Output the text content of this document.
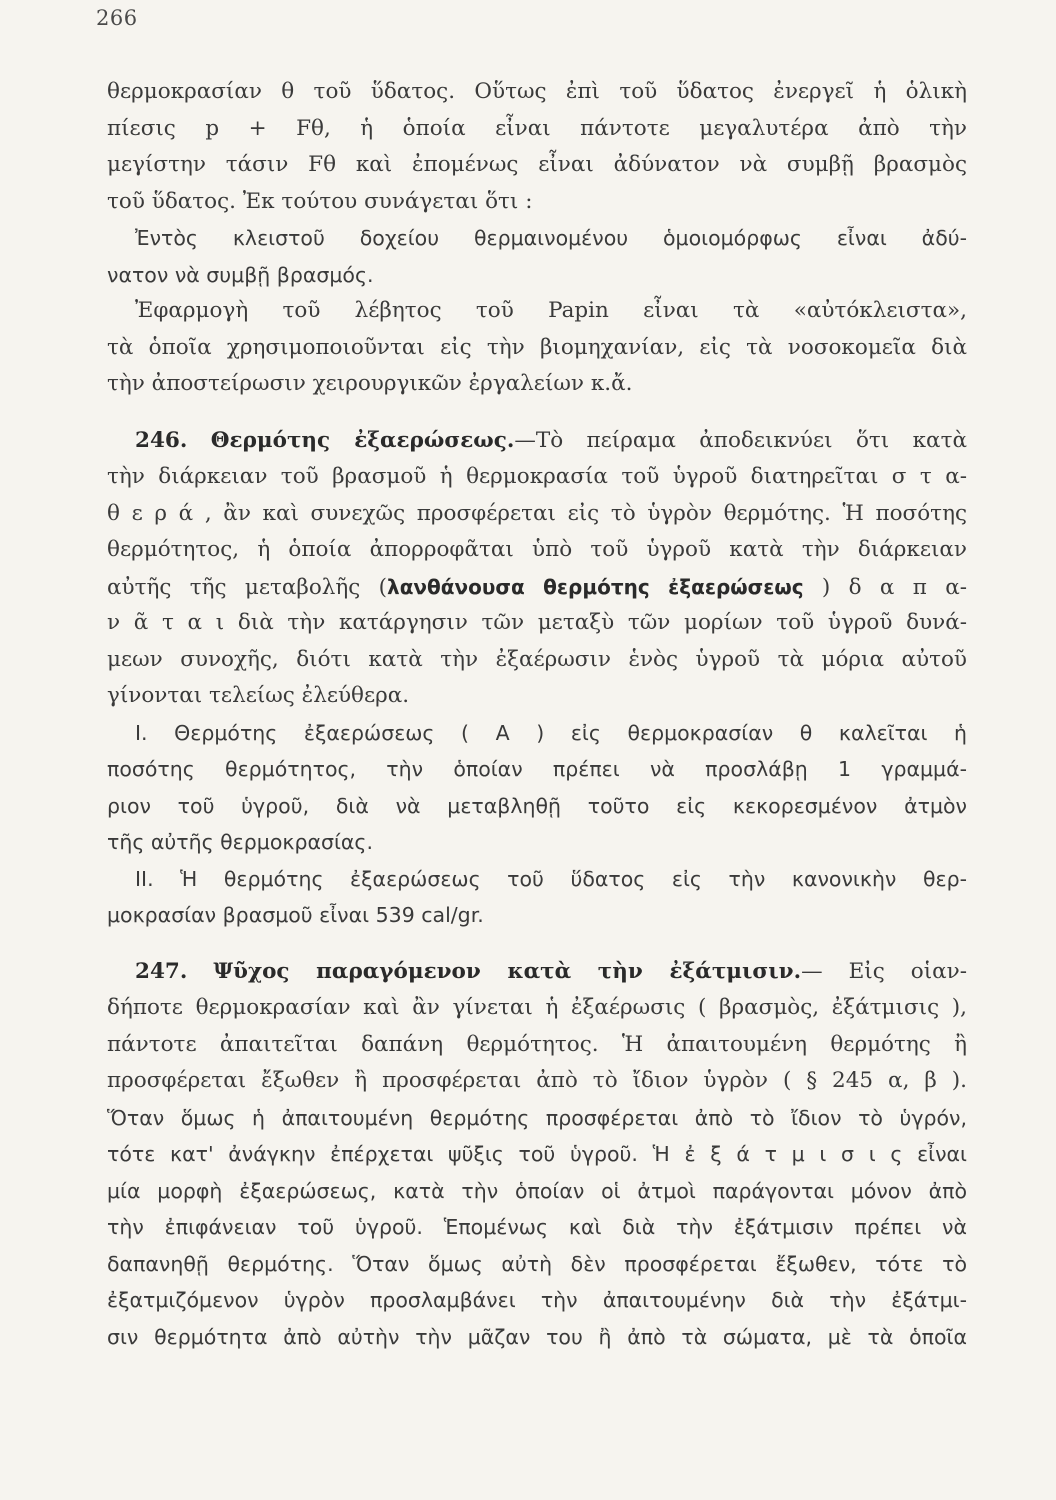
266
θερμοκρασίαν θ τοῦ ὕδατος. Οὕτως ἐπὶ τοῦ ὕδατος ἐνεργεῖ ἡ ὁλικὴ
πίεσις p + Fθ, ἡ ὁποία εἶναι πάντοτε μεγαλυτέρα ἀπὸ τὴν
μεγίστην τάσιν Fθ καὶ ἐπομένως εἶναι ἀδύνατον νὰ συμβῇ βρασμὸς
τοῦ ὕδατος. Ἐκ τούτου συνάγεται ὅτι :
Ἐντὸς κλειστοῦ δοχείου θερμαινομένου ὁμοιομόρφως εἶναι ἀδύ-
νατον νὰ συμβῇ βρασμός.
Ἐφαρμογὴ τοῦ λέβητος τοῦ Papin εἶναι τὰ «αὐτόκλειστα»,
τὰ ὁποῖα χρησιμοποιοῦνται εἰς τὴν βιομηχανίαν, εἰς τὰ νοσοκομεῖα διὰ
τὴν ἀποστείρωσιν χειρουργικῶν ἐργαλείων κ.ἄ.
246. Θερμότης ἐξαερώσεως.—Τὸ πείραμα ἀποδεικνύει ὅτι κατὰ
τὴν διάρκειαν τοῦ βρασμοῦ ἡ θερμοκρασία τοῦ ὑγροῦ διατηρεῖται σ τ α-
θ ε ρ ά , ἂν καὶ συνεχῶς προσφέρεται εἰς τὸ ὑγρὸν θερμότης. Ἡ ποσότης
θερμότητος, ἡ ὁποία ἀπορροφᾶται ὑπὸ τοῦ ὑγροῦ κατὰ τὴν διάρκειαν
αὐτῆς τῆς μεταβολῆς (λανθάνουσα θερμότης ἐξαερώσεως ) δ α π α-
ν ᾶ τ α ι διὰ τὴν κατάργησιν τῶν μεταξὺ τῶν μορίων τοῦ ὑγροῦ δυνά-
μεων συνοχῆς, διότι κατὰ τὴν ἐξαέρωσιν ἑνὸς ὑγροῦ τὰ μόρια αὐτοῦ
γίνονται τελείως ἐλεύθερα.
Ι. Θερμότης ἐξαερώσεως ( Α ) εἰς θερμοκρασίαν θ καλεῖται ἡ
ποσότης θερμότητος, τὴν ὁποίαν πρέπει νὰ προσλάβῃ 1 γραμμά-
ριον τοῦ ὑγροῦ, διὰ νὰ μεταβληθῇ τοῦτο εἰς κεκορεσμένον ἀτμὸν
τῆς αὐτῆς θερμοκρασίας.
ΙΙ. Ἡ θερμότης ἐξαερώσεως τοῦ ὕδατος εἰς τὴν κανονικὴν θερ-
μοκρασίαν βρασμοῦ εἶναι 539 cal/gr.
247. Ψῦχος παραγόμενον κατὰ τὴν ἐξάτμισιν.— Εἰς οἱαν-
δήποτε θερμοκρασίαν καὶ ἂν γίνεται ἡ ἐξαέρωσις ( βρασμὸς, ἐξάτμισις ),
πάντοτε ἀπαιτεῖται δαπάνη θερμότητος. Ἡ ἀπαιτουμένη θερμότης ἢ
προσφέρεται ἔξωθεν ἢ προσφέρεται ἀπὸ τὸ ἴδιον ὑγρὸν ( § 245 α, β ).
Ὅταν ὅμως ἡ ἀπαιτουμένη θερμότης προσφέρεται ἀπὸ τὸ ἴδιον τὸ ὑγρόν,
τότε κατ' ἀνάγκην ἐπέρχεται ψῦξις τοῦ ὑγροῦ. Ἡ ἐ ξ ά τ μ ι σ ι ς εἶναι
μία μορφὴ ἐξαερώσεως, κατὰ τὴν ὁποίαν οἱ ἀτμοὶ παράγονται μόνον ἀπὸ
τὴν ἐπιφάνειαν τοῦ ὑγροῦ. Ἑπομένως καὶ διὰ τὴν ἐξάτμισιν πρέπει νὰ
δαπανηθῇ θερμότης. Ὅταν ὅμως αὐτὴ δὲν προσφέρεται ἔξωθεν, τότε τὸ
ἐξατμιζόμενον ὑγρὸν προσλαμβάνει τὴν ἀπαιτουμένην διὰ τὴν ἐξάτμι-
σιν θερμότητα ἀπὸ αὐτὴν τὴν μᾶζαν του ἢ ἀπὸ τὰ σώματα, μὲ τὰ ὁποῖα
